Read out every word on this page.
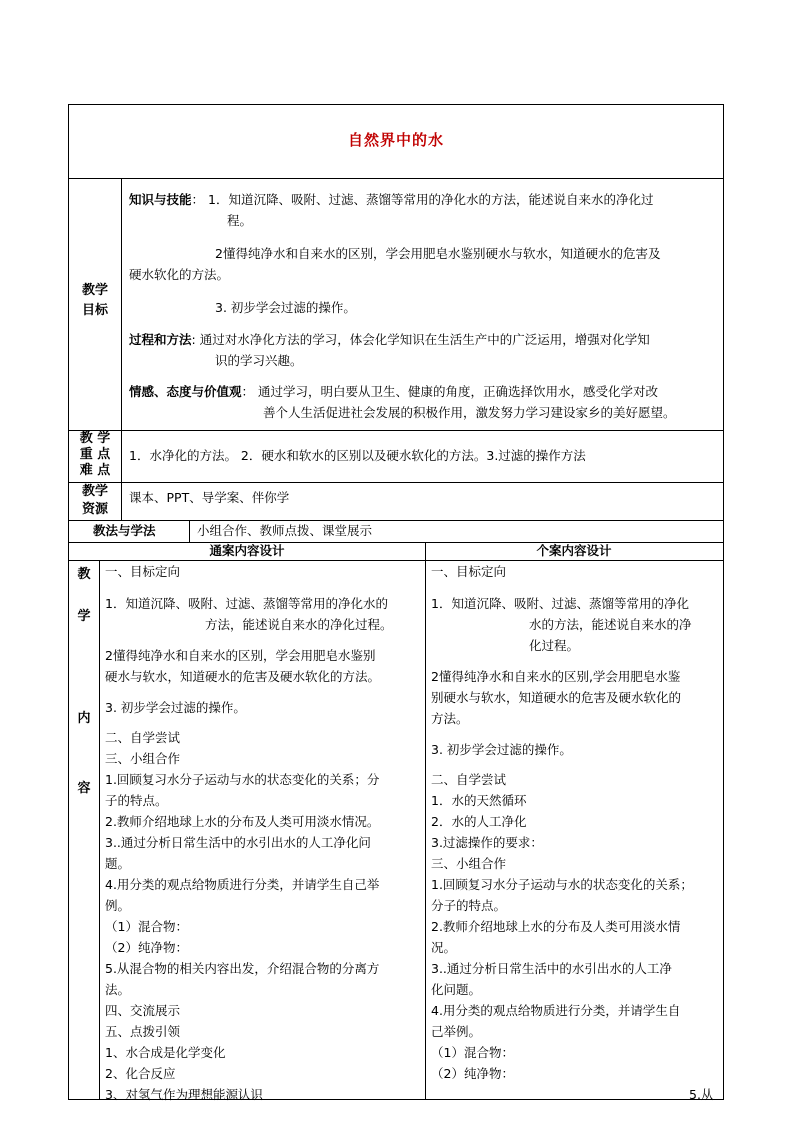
自然界中的水
教学
目标
知识与技能： 1．知道沉降、吸附、过滤、蒸馏等常用的净化水的方法，能述说自来水的净化过
程。
2懂得纯净水和自来水的区别，学会用肥皂水鉴别硬水与软水，知道硬水的危害及
硬水软化的方法。
3. 初步学会过滤的操作。
过程和方法: 通过对水净化方法的学习，体会化学知识在生活生产中的广泛运用，增强对化学知
识的学习兴趣。
情感、态度与价值观： 通过学习，明白要从卫生、健康的角度，正确选择饮用水，感受化学对改
善个人生活促进社会发展的积极作用，激发努力学习建设家乡的美好愿望。
教 学
重 点
难 点
1．水净化的方法。 2．硬水和软水的区别以及硬水软化的方法。3.过滤的操作方法
教学
资源
课本、PPT、导学案、伴你学
教法与学法	小组合作、教师点拨、课堂展示
通案内容设计	个案内容设计
教
学
内
容
一、目标定向
1．知道沉降、吸附、过滤、蒸馏等常用的净化水的
方法，能述说自来水的净化过程。
2懂得纯净水和自来水的区别，学会用肥皂水鉴别
硬水与软水，知道硬水的危害及硬水软化的方法。
3. 初步学会过滤的操作。
二、自学尝试
三、小组合作
1.回顾复习水分子运动与水的状态变化的关系；分
子的特点。
2.教师介绍地球上水的分布及人类可用淡水情况。
3..通过分析日常生活中的水引出水的人工净化问
题。
4.用分类的观点给物质进行分类，并请学生自己举
例。
（1）混合物：
（2）纯净物：
5.从混合物的相关内容出发，介绍混合物的分离方
法。
四、交流展示
五、点拨引领
1、水合成是化学变化
2、化合反应
3、对氢气作为理想能源认识
一、目标定向
1．知道沉降、吸附、过滤、蒸馏等常用的净化
水的方法，能述说自来水的净
化过程。
2懂得纯净水和自来水的区别,学会用肥皂水鉴
别硬水与软水，知道硬水的危害及硬水软化的
方法。
3. 初步学会过滤的操作。
二、自学尝试
1．水的天然循环
2．水的人工净化
3.过滤操作的要求：
三、小组合作
1.回顾复习水分子运动与水的状态变化的关系；
分子的特点。
2.教师介绍地球上水的分布及人类可用淡水情
况。
3..通过分析日常生活中的水引出水的人工净
化问题。
4.用分类的观点给物质进行分类，并请学生自
己举例。
（1）混合物：
（2）纯净物：
5.从
